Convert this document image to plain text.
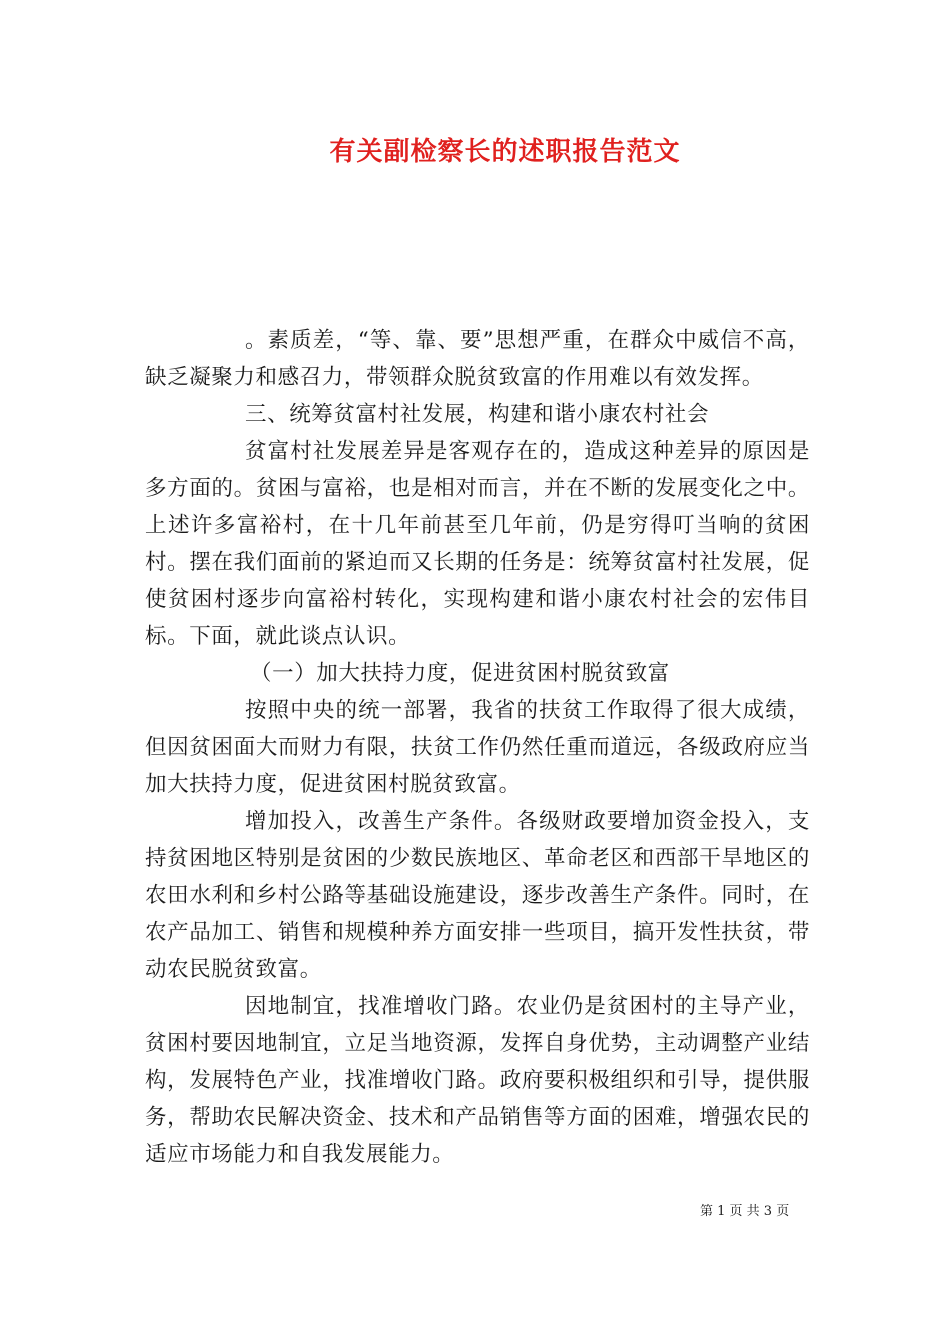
有关副检察长的述职报告范文

。素质差，“等、靠、要”思想严重，在群众中威信不高，缺乏凝聚力和感召力，带领群众脱贫致富的作用难以有效发挥。

三、统筹贫富村社发展，构建和谐小康农村社会

贫富村社发展差异是客观存在的，造成这种差异的原因是多方面的。贫困与富裕，也是相对而言，并在不断的发展变化之中。上述许多富裕村，在十几年前甚至几年前，仍是穷得叮当响的贫困村。摆在我们面前的紧迫而又长期的任务是：统筹贫富村社发展，促使贫困村逐步向富裕村转化，实现构建和谐小康农村社会的宏伟目标。下面，就此谈点认识。

（一）加大扶持力度，促进贫困村脱贫致富

按照中央的统一部署，我省的扶贫工作取得了很大成绩，但因贫困面大而财力有限，扶贫工作仍然任重而道远，各级政府应当加大扶持力度，促进贫困村脱贫致富。

增加投入，改善生产条件。各级财政要增加资金投入，支持贫困地区特别是贫困的少数民族地区、革命老区和西部干旱地区的农田水利和乡村公路等基础设施建设，逐步改善生产条件。同时，在农产品加工、销售和规模种养方面安排一些项目，搞开发性扶贫，带动农民脱贫致富。

因地制宜，找准增收门路。农业仍是贫困村的主导产业，贫困村要因地制宜，立足当地资源，发挥自身优势，主动调整产业结构，发展特色产业，找准增收门路。政府要积极组织和引导，提供服务，帮助农民解决资金、技术和产品销售等方面的困难，增强农民的适应市场能力和自我发展能力。

第 1 页 共 3 页
